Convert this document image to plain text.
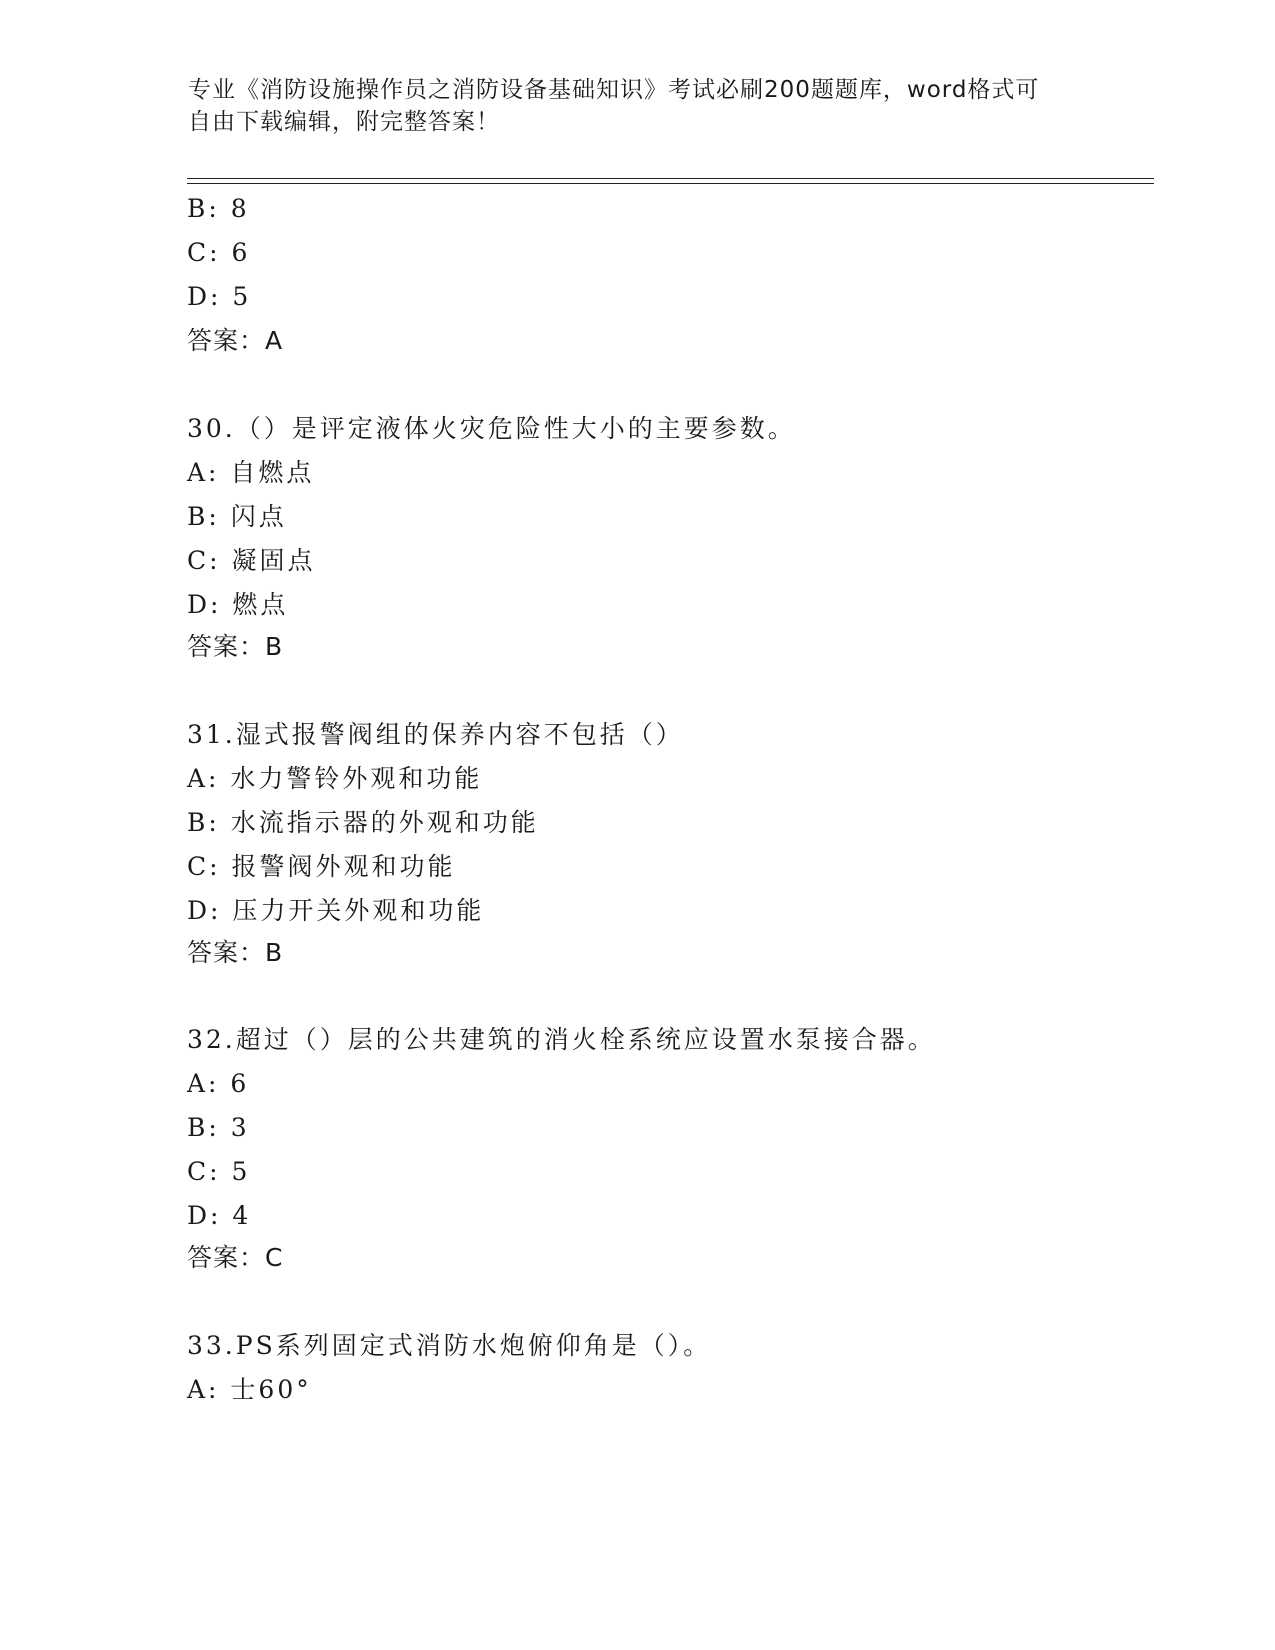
专业《消防设施操作员之消防设备基础知识》考试必刷200题题库，word格式可
自由下载编辑，附完整答案！
B: 8
C: 6
D: 5
答案：A
30.（）是评定液体火灾危险性大小的主要参数。
A: 自燃点
B: 闪点
C: 凝固点
D: 燃点
答案：B
31.湿式报警阀组的保养内容不包括（）
A: 水力警铃外观和功能
B: 水流指示器的外观和功能
C: 报警阀外观和功能
D: 压力开关外观和功能
答案：B
32.超过（）层的公共建筑的消火栓系统应设置水泵接合器。
A: 6
B: 3
C: 5
D: 4
答案：C
33.PS系列固定式消防水炮俯仰角是（）。
A: 士60°
